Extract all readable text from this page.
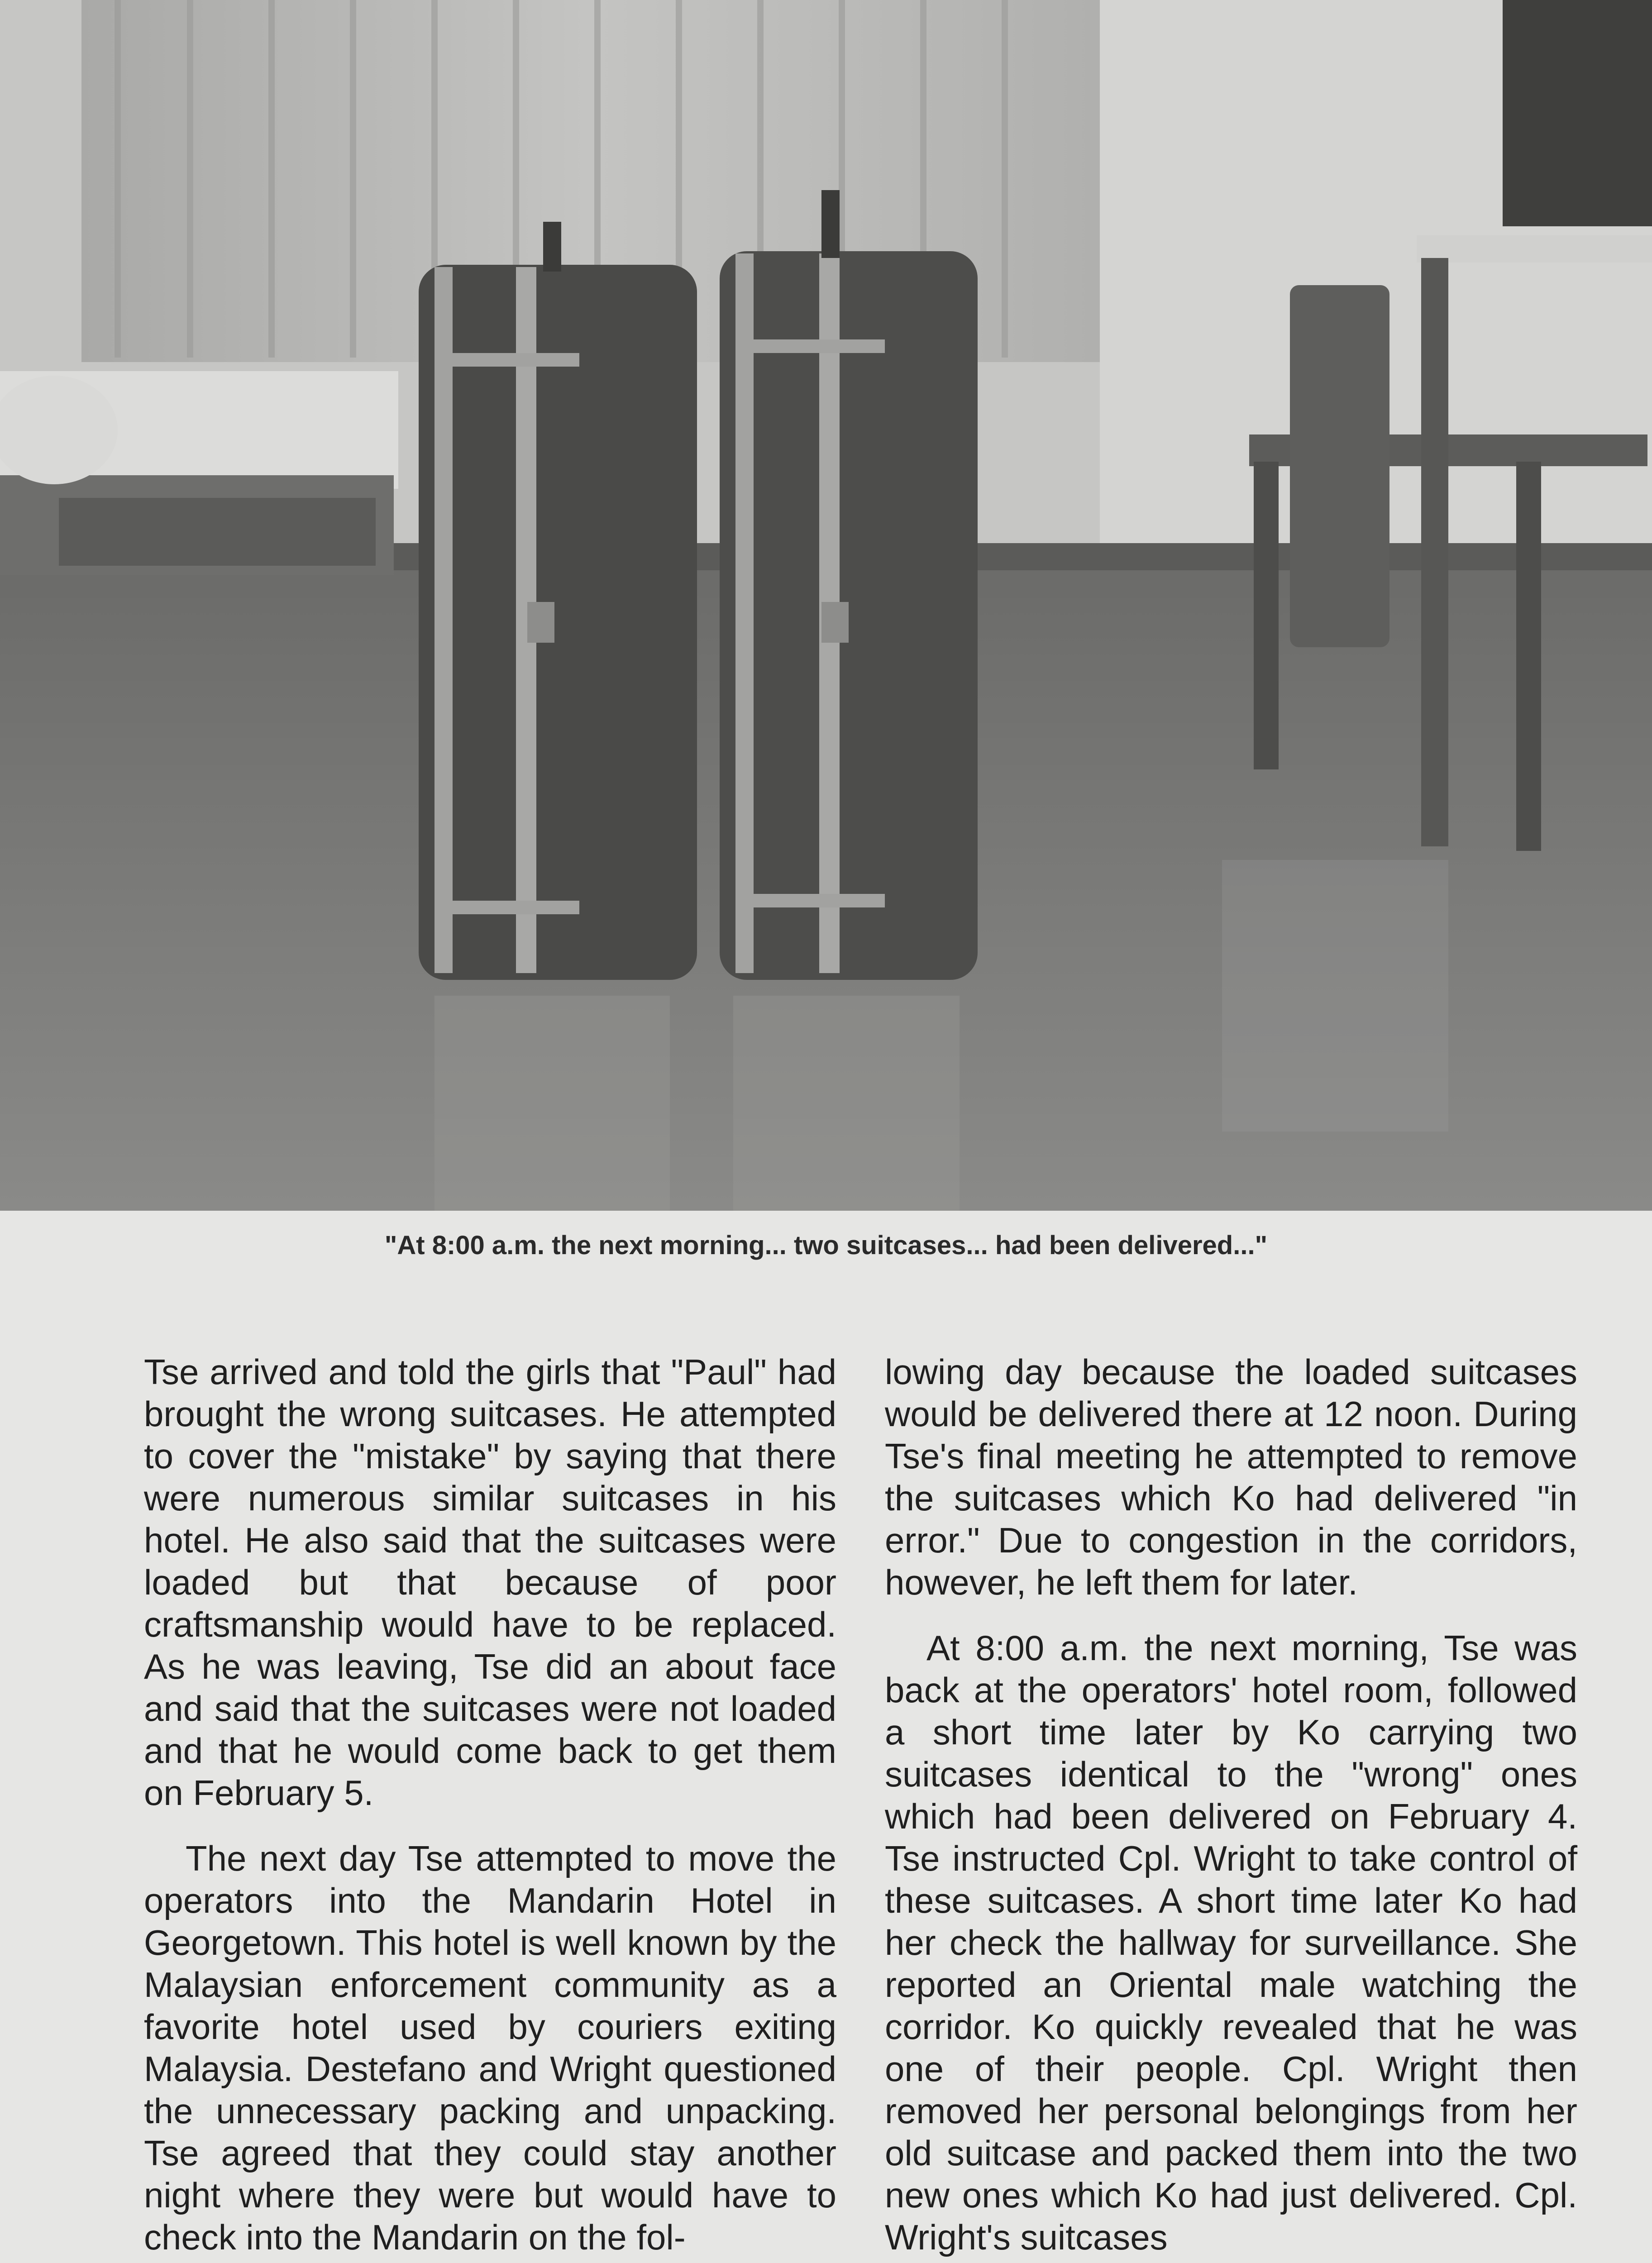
"At 8:00 a.m. the next morning... two suitcases... had been delivered..."

Tse arrived and told the girls that "Paul" had brought the wrong suitcases. He attempted to cover the "mistake" by saying that there were numerous similar suitcases in his hotel. He also said that the suitcases were loaded but that because of poor craftsmanship would have to be replaced. As he was leaving, Tse did an about face and said that the suitcases were not loaded and that he would come back to get them on February 5.

The next day Tse attempted to move the operators into the Mandarin Hotel in Georgetown. This hotel is well known by the Malaysian enforcement community as a favorite hotel used by couriers exiting Malaysia. Destefano and Wright questioned the unnecessary packing and unpacking. Tse agreed that they could stay another night where they were but would have to check into the Mandarin on the fol-

lowing day because the loaded suitcases would be delivered there at 12 noon. During Tse's final meeting he attempted to remove the suitcases which Ko had delivered "in error." Due to congestion in the corridors, however, he left them for later.

At 8:00 a.m. the next morning, Tse was back at the operators' hotel room, followed a short time later by Ko carrying two suitcases identical to the "wrong" ones which had been delivered on February 4. Tse instructed Cpl. Wright to take control of these suitcases. A short time later Ko had her check the hallway for surveillance. She reported an Oriental male watching the corridor. Ko quickly revealed that he was one of their people. Cpl. Wright then removed her personal belongings from her old suitcase and packed them into the two new ones which Ko had just delivered. Cpl. Wright's suitcases
